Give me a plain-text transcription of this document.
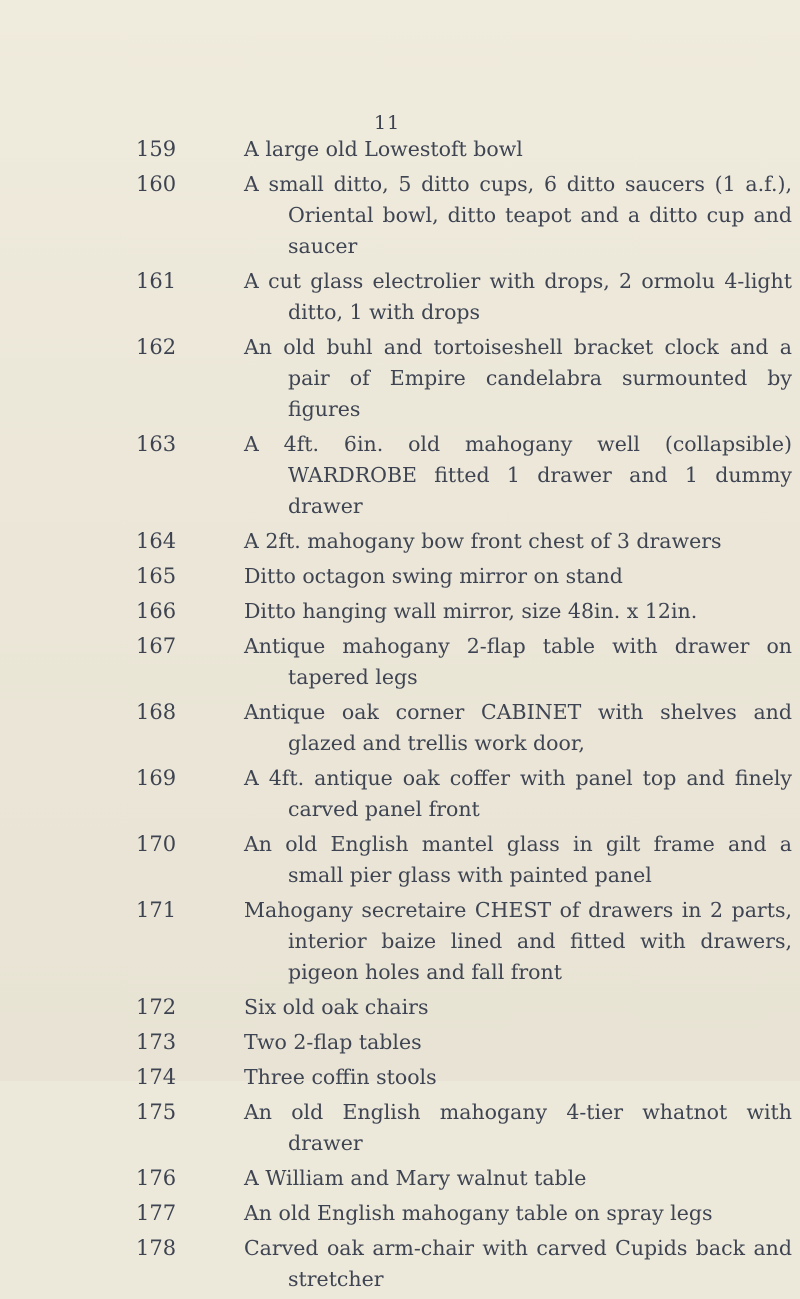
11
159	A large old Lowestoft bowl
160	A small ditto, 5 ditto cups, 6 ditto saucers (1 a.f.), Oriental bowl, ditto teapot and a ditto cup and saucer
161	A cut glass electrolier with drops, 2 ormolu 4-light ditto, 1 with drops
162	An old buhl and tortoiseshell bracket clock and a pair of Empire candelabra surmounted by figures
163	A 4ft. 6in. old mahogany well (collapsible) WARDROBE fitted 1 drawer and 1 dummy drawer
164	A 2ft. mahogany bow front chest of 3 drawers
165	Ditto octagon swing mirror on stand
166	Ditto hanging wall mirror, size 48in. x 12in.
167	Antique mahogany 2-flap table with drawer on tapered legs
168	Antique oak corner CABINET with shelves and glazed and trellis work door,
169	A 4ft. antique oak coffer with panel top and finely carved panel front
170	An old English mantel glass in gilt frame and a small pier glass with painted panel
171	Mahogany secretaire CHEST of drawers in 2 parts, interior baize lined and fitted with drawers, pigeon holes and fall front
172	Six old oak chairs
173	Two 2-flap tables
174	Three coffin stools
175	An old English mahogany 4-tier whatnot with drawer
176	A William and Mary walnut table
177	An old English mahogany table on spray legs
178	Carved oak arm-chair with carved Cupids back and stretcher
